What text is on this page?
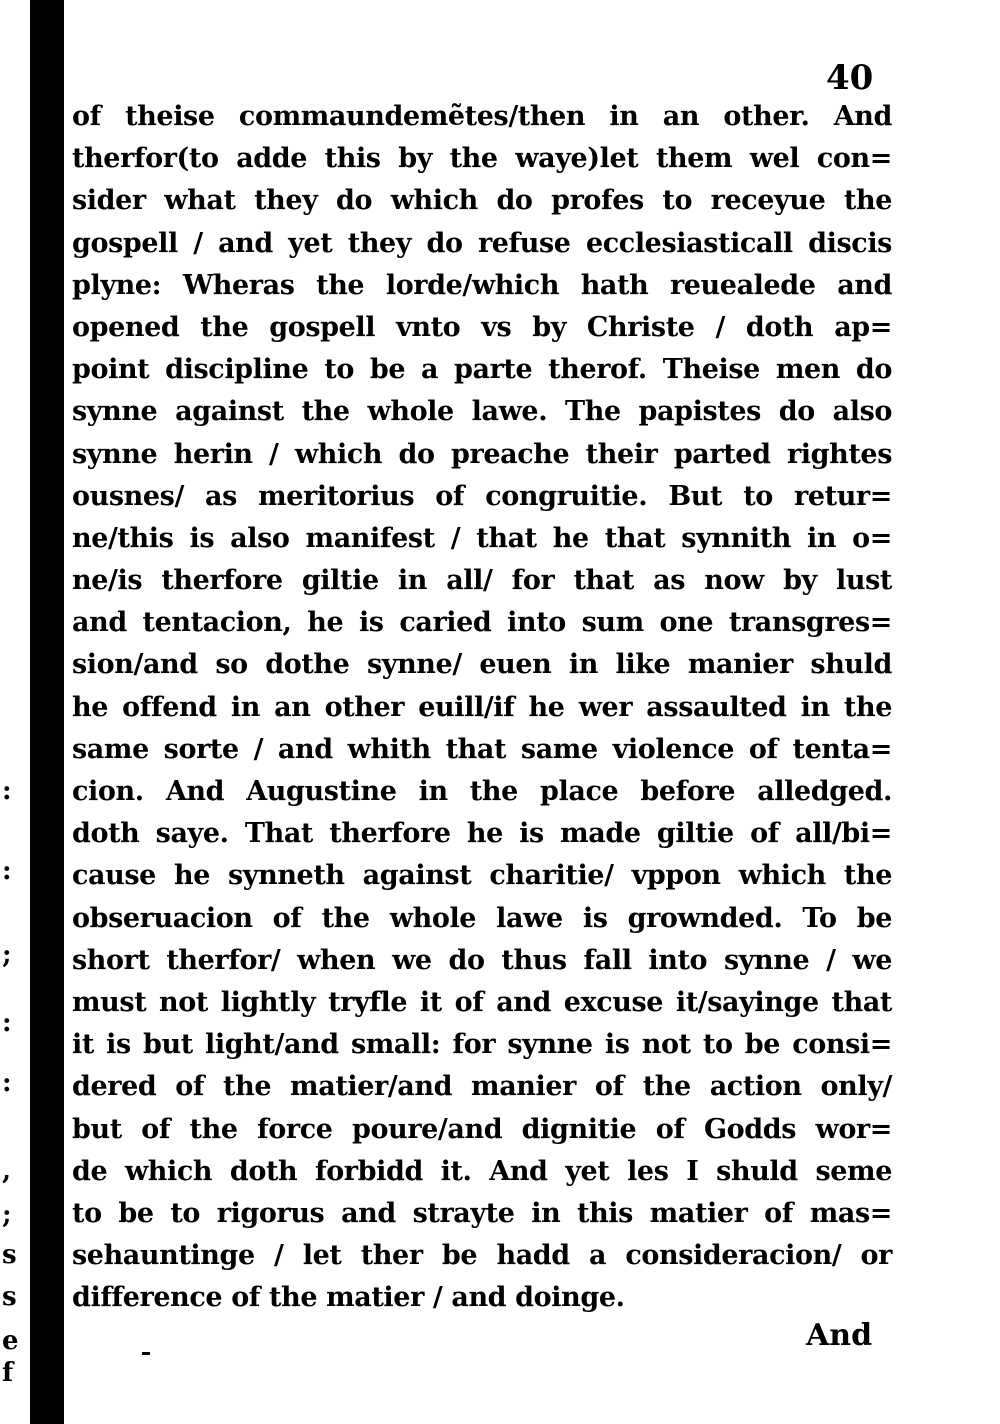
:
:
;
:
:
,
;
s
s
e
f
40
of theise commaundemẽtes/then in an other. And
therfor(to adde this by the waye)let them wel con=
sider what they do which do profes to receyue the
gospell / and yet they do refuse ecclesiasticall discis
plyne: Wheras the lorde/which hath reuealede and
opened the gospell vnto vs by Christe / doth ap=
point discipline to be a parte therof. Theise men do
synne against the whole lawe. The papistes do also
synne herin / which do preache their parted rightes
ousnes/ as meritorius of congruitie. But to retur=
ne/this is also manifest / that he that synnith in o=
ne/is therfore giltie in all/ for that as now by lust
and tentacion, he is caried into sum one transgres=
sion/and so dothe synne/ euen in like manier shuld
he offend in an other euill/if he wer assaulted in the
same sorte / and whith that same violence of tenta=
cion. And Augustine in the place before alledged.
doth saye. That therfore he is made giltie of all/bi=
cause he synneth against charitie/ vppon which the
obseruacion of the whole lawe is grownded. To be
short therfor/ when we do thus fall into synne / we
must not lightly tryfle it of and excuse it/sayinge that
it is but light/and small: for synne is not to be consi=
dered of the matier/and manier of the action only/
but of the force poure/and dignitie of Godds wor=
de which doth forbidd it. And yet les I shuld seme
to be to rigorus and strayte in this matier of mas=
sehauntinge / let ther be hadd a consideracion/ or
difference of the matier / and doinge.
And
